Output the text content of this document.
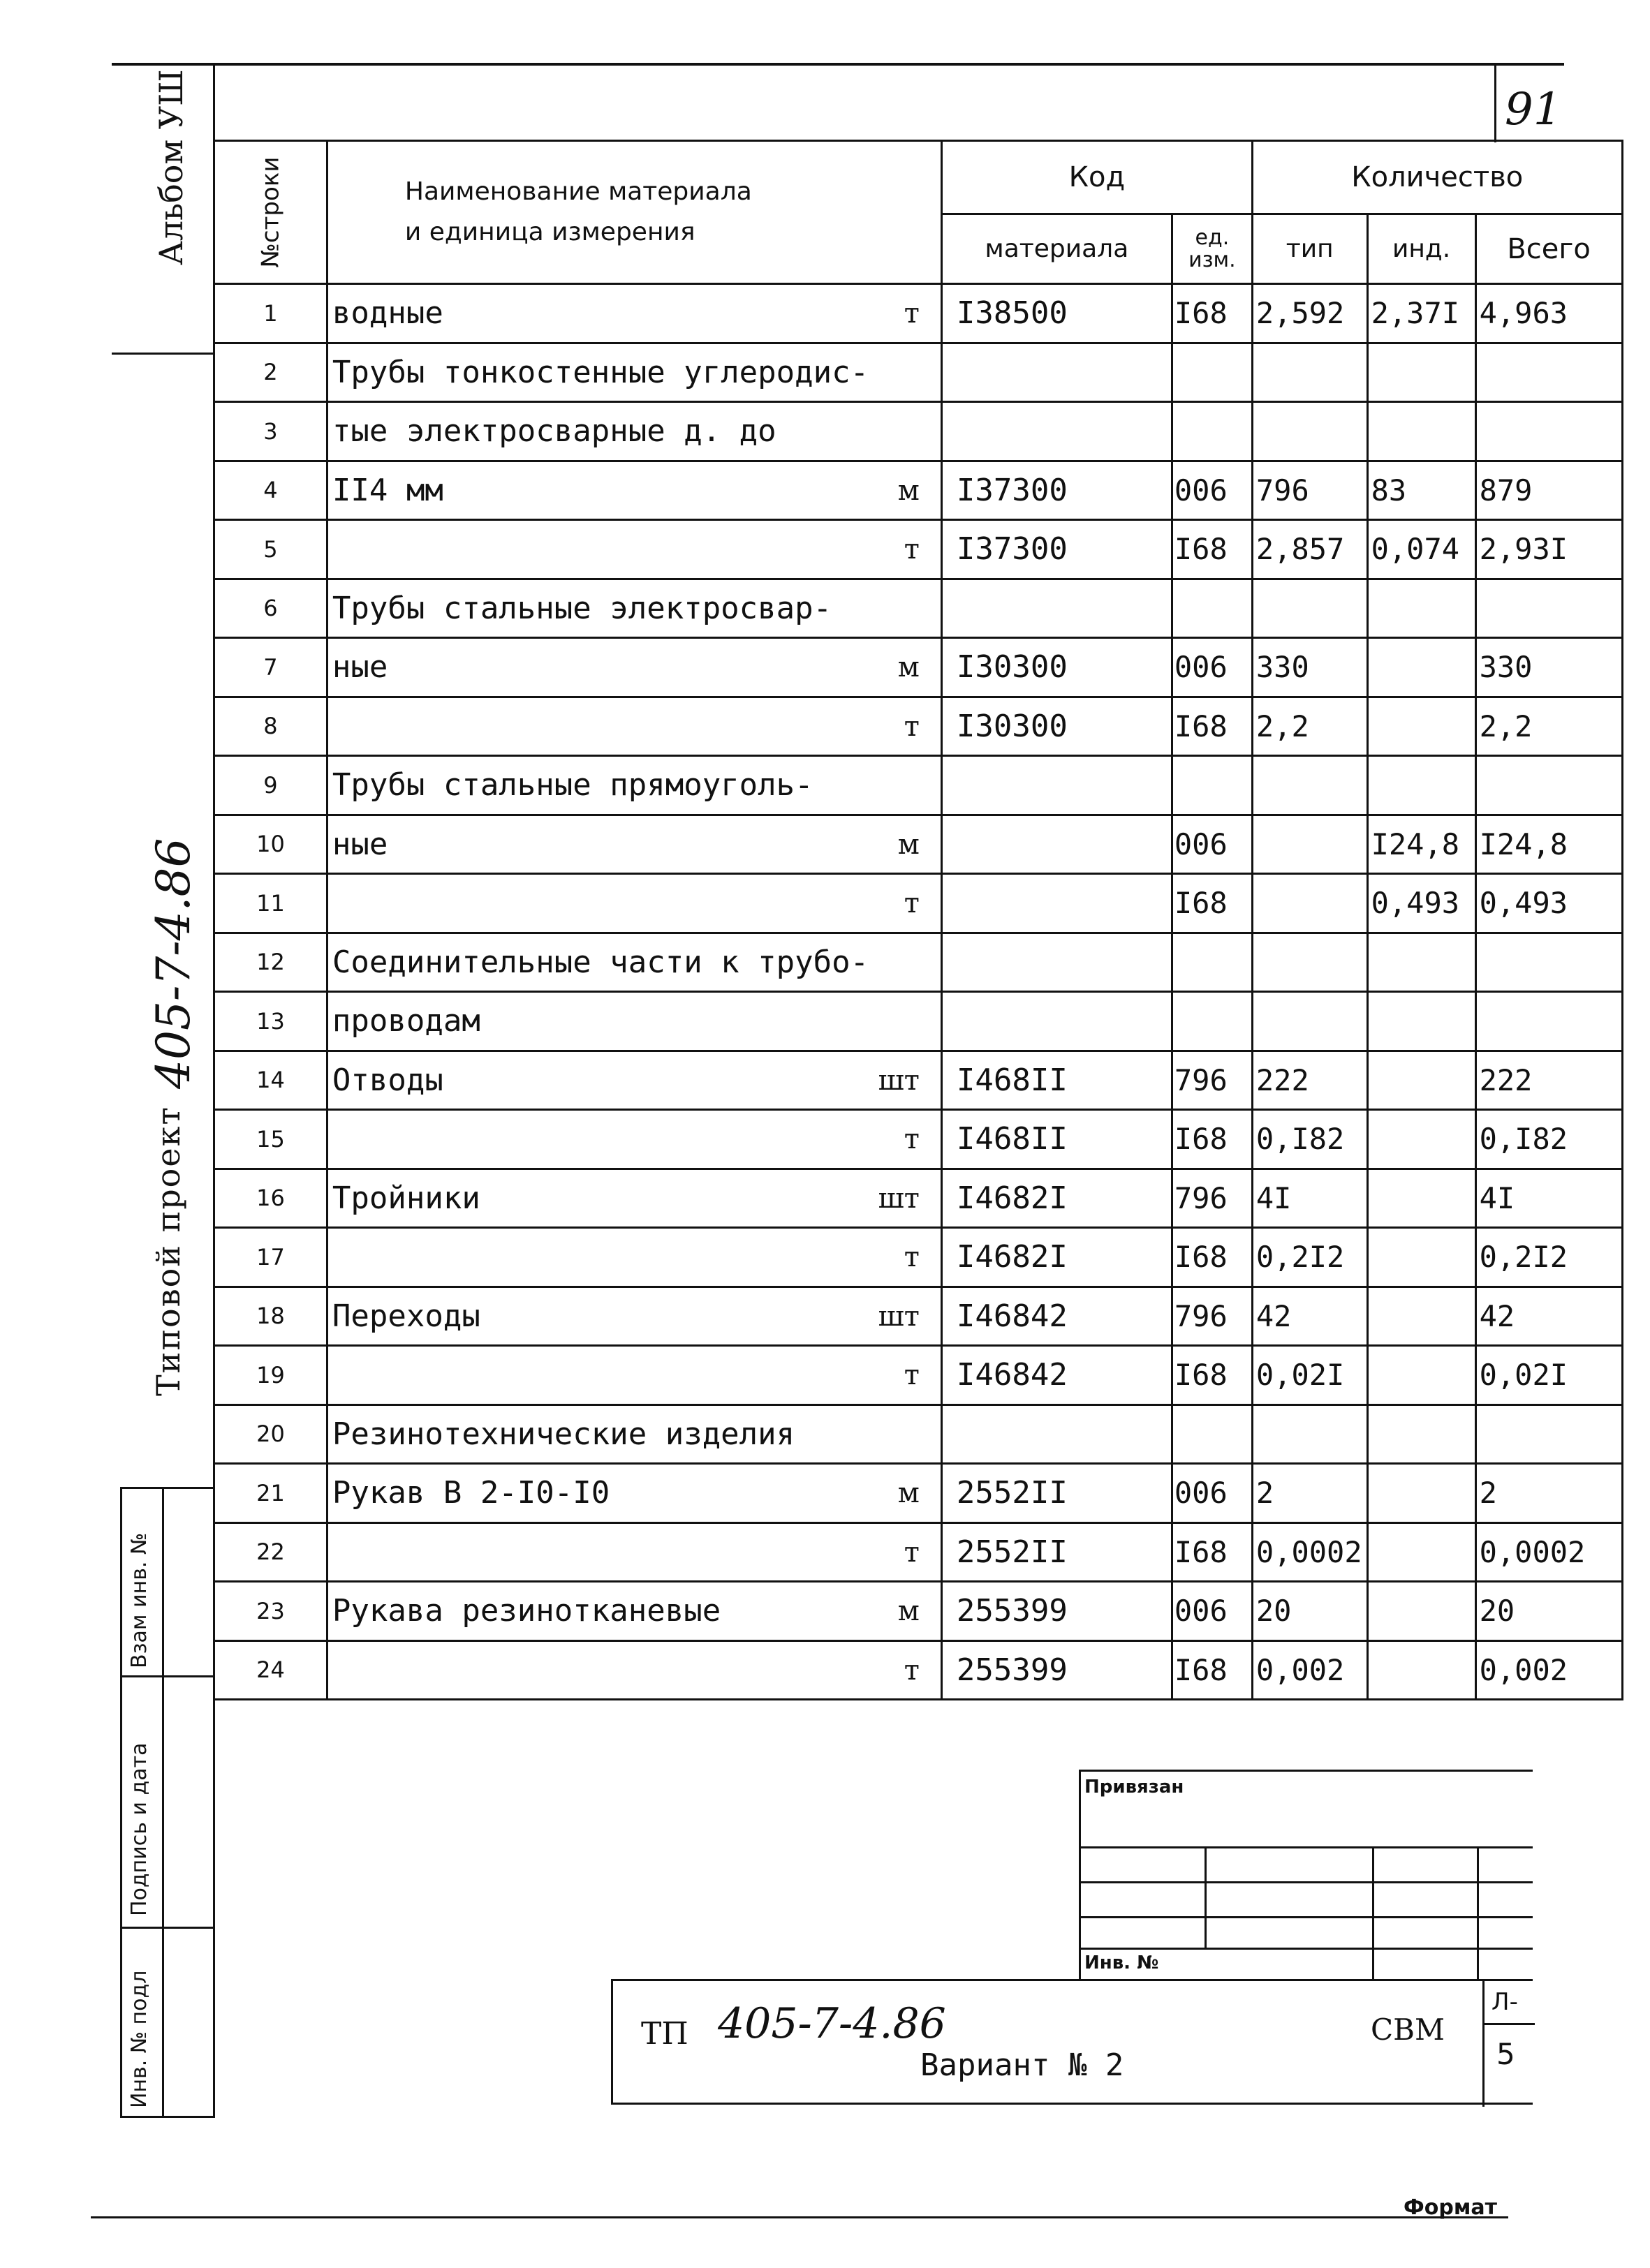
91
Альбом УШ
405-7-4.86
Типовой проект
Взам инв. №
Подпись и дата
Инв. № подл
№строки	Наименование материала
и единица измерения	Код		Количество		
		материала	ед. изм.	тип	инд.	Всего
1	водные т	I38500	I68	2,592	2,37I	4,963
2	Трубы тонкостенные углеродис-

3	тые электросварные д. до

4	II4 мм м	I37300	006	796	83	879
5	т	I37300	I68	2,857	0,074	2,93I
6	Трубы стальные электросвар-

7	ные м	I30300	006	330		330
8	т	I30300	I68	2,2		2,2
9	Трубы стальные прямоуголь-

10	ные м		006		I24,8	I24,8
11	т		I68		0,493	0,493
12	Соединительные части к трубо-

13	проводам

14	Отводы шт	I468II	796	222		222
15	т	I468II	I68	0,I82		0,I82
16	Тройники шт	I4682I	796	4I		4I
17	т	I4682I	I68	0,2I2		0,2I2
18	Переходы шт	I46842	796	42		42
19	т	I46842	I68	0,02I		0,02I
20	Резинотехнические изделия

21	Рукав В 2-I0-I0 м	2552II	006	2		2
22	т	2552II	I68	0,0002		0,0002
23	Рукава резинотканевые м	255399	006	20		20
24	т	255399	I68	0,002		0,002
Привязан
Инв. №
ТП 405-7-4.86
Вариант № 2
СВМ
Л-
5
Формат
